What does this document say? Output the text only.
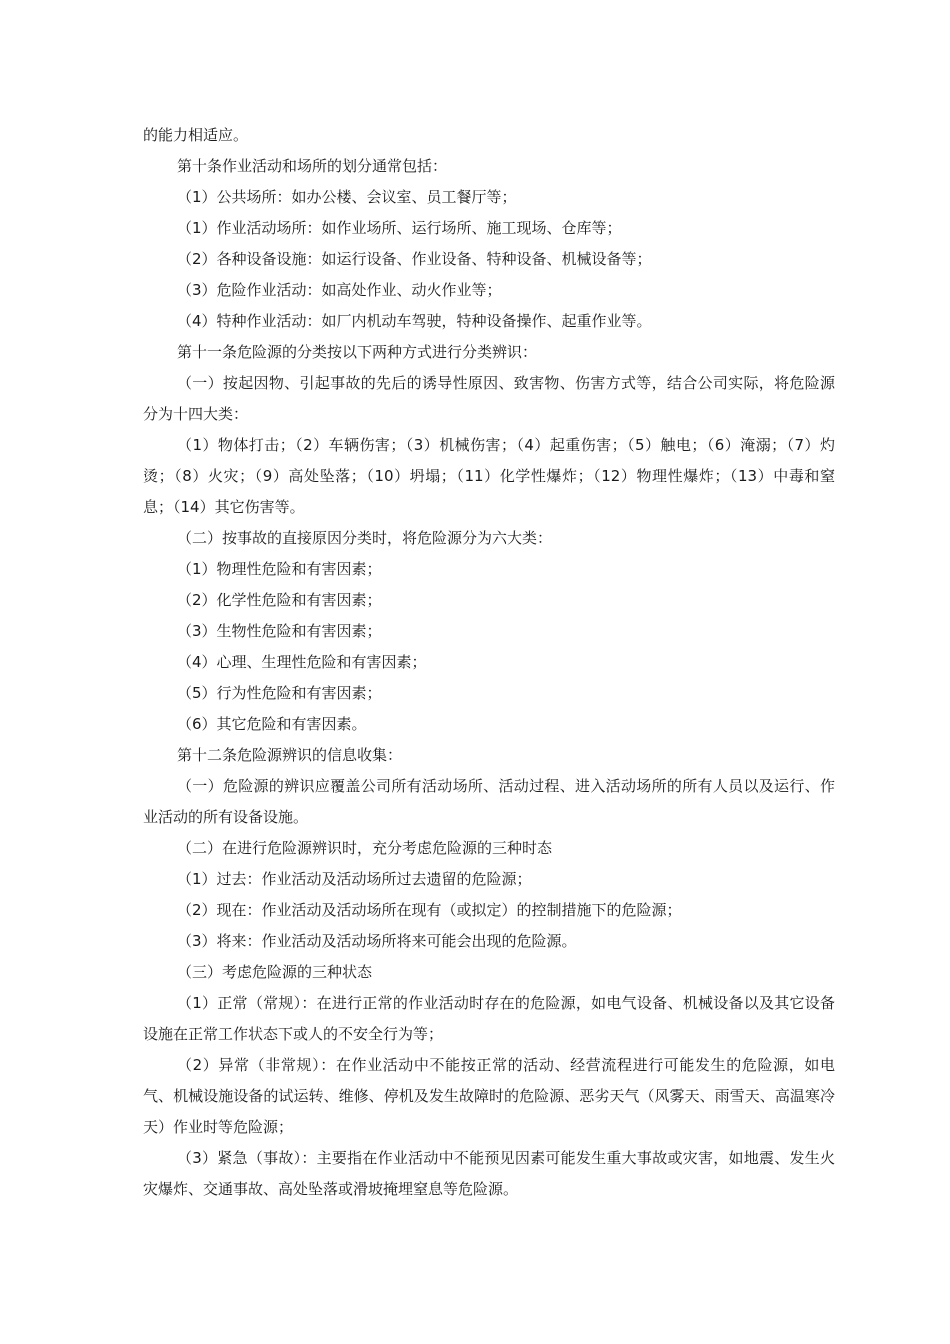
的能力相适应。

第十条作业活动和场所的划分通常包括：

（1）公共场所：如办公楼、会议室、员工餐厅等；

（1）作业活动场所：如作业场所、运行场所、施工现场、仓库等；

（2）各种设备设施：如运行设备、作业设备、特种设备、机械设备等；

（3）危险作业活动：如高处作业、动火作业等；

（4）特种作业活动：如厂内机动车驾驶，特种设备操作、起重作业等。

第十一条危险源的分类按以下两种方式进行分类辨识：

（一）按起因物、引起事故的先后的诱导性原因、致害物、伤害方式等，结合公司实际，将危险源分为十四大类：

（1）物体打击；（2）车辆伤害；（3）机械伤害；（4）起重伤害；（5）触电；（6）淹溺；（7）灼烫；（8）火灾；（9）高处坠落；（10）坍塌；（11）化学性爆炸；（12）物理性爆炸；（13）中毒和窒息；（14）其它伤害等。

（二）按事故的直接原因分类时，将危险源分为六大类：

（1）物理性危险和有害因素；

（2）化学性危险和有害因素；

（3）生物性危险和有害因素；

（4）心理、生理性危险和有害因素；

（5）行为性危险和有害因素；

（6）其它危险和有害因素。

第十二条危险源辨识的信息收集：

（一）危险源的辨识应覆盖公司所有活动场所、活动过程、进入活动场所的所有人员以及运行、作业活动的所有设备设施。

（二）在进行危险源辨识时，充分考虑危险源的三种时态

（1）过去：作业活动及活动场所过去遗留的危险源；

（2）现在：作业活动及活动场所在现有（或拟定）的控制措施下的危险源；

（3）将来：作业活动及活动场所将来可能会出现的危险源。

（三）考虑危险源的三种状态

（1）正常（常规）：在进行正常的作业活动时存在的危险源，如电气设备、机械设备以及其它设备设施在正常工作状态下或人的不安全行为等；

（2）异常（非常规）：在作业活动中不能按正常的活动、经营流程进行可能发生的危险源，如电气、机械设施设备的试运转、维修、停机及发生故障时的危险源、恶劣天气（风雾天、雨雪天、高温寒冷天）作业时等危险源；

（3）紧急（事故）：主要指在作业活动中不能预见因素可能发生重大事故或灾害，如地震、发生火灾爆炸、交通事故、高处坠落或滑坡掩埋窒息等危险源。
